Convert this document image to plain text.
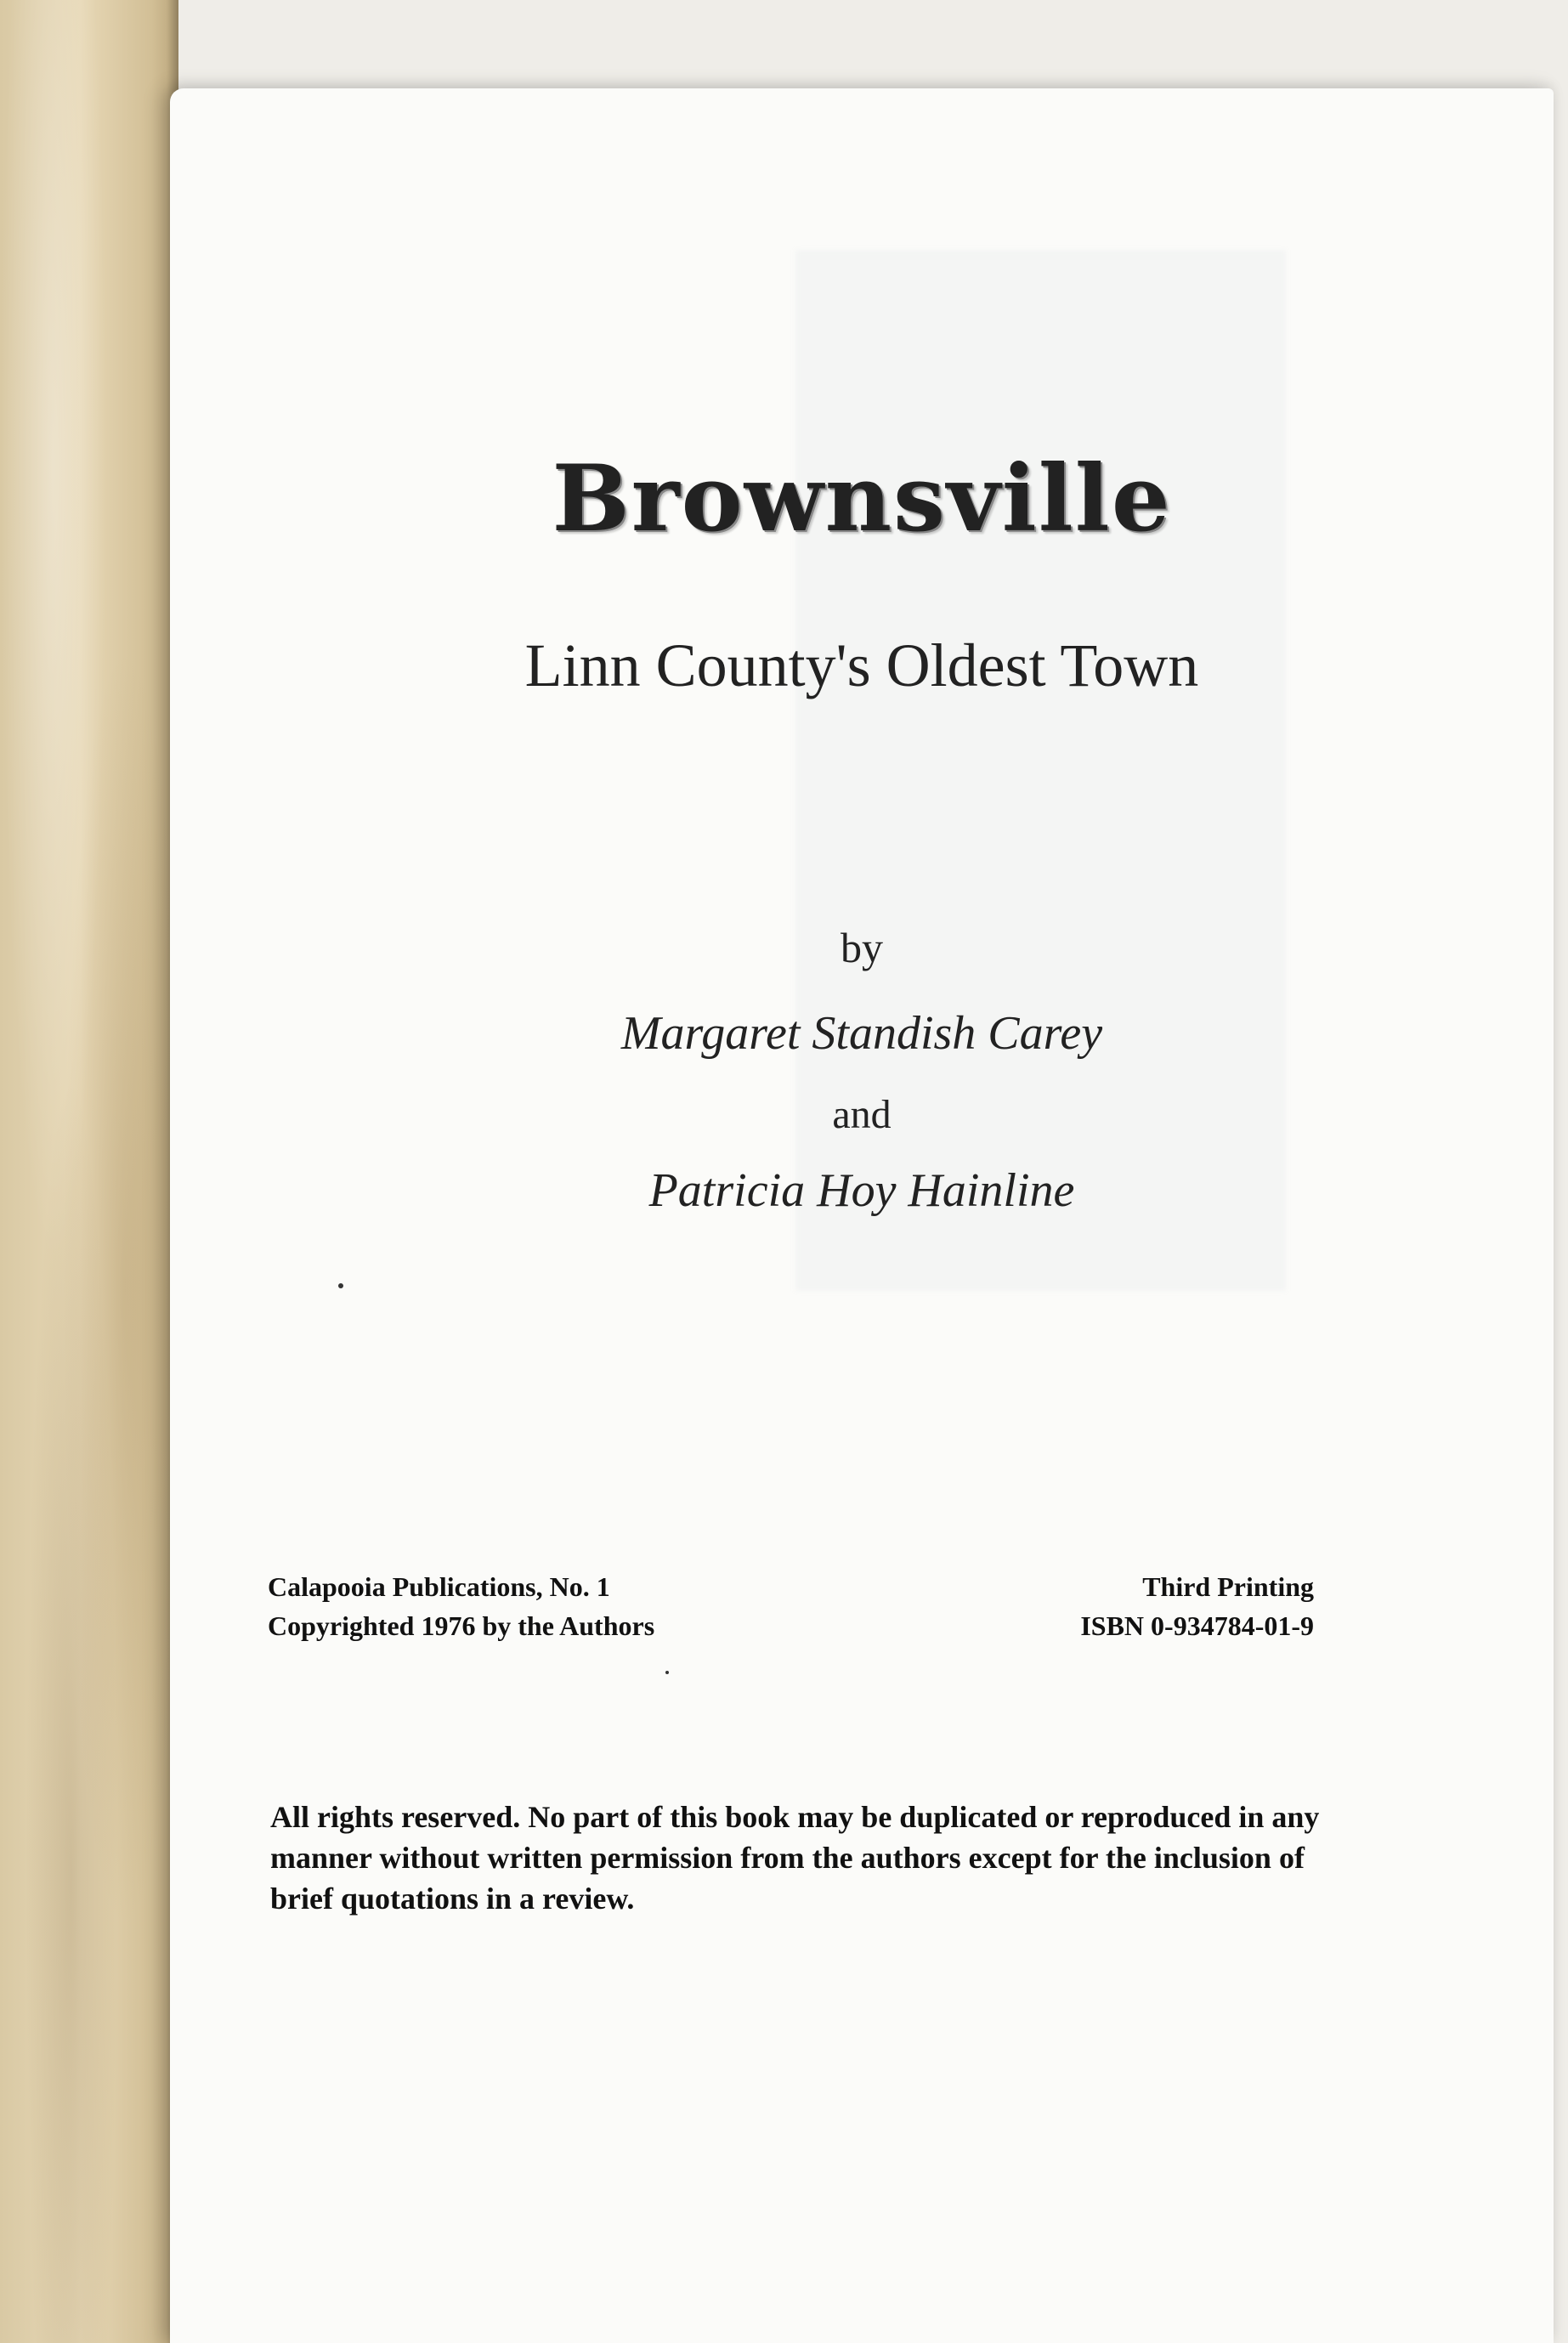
Brownsville
Linn County's Oldest Town
by
Margaret Standish Carey
and
Patricia Hoy Hainline
Calapooia Publications, No. 1
Copyrighted 1976 by the Authors
Third Printing
ISBN 0-934784-01-9
All rights reserved. No part of this book may be duplicated or reproduced in any manner without written permission from the authors except for the inclusion of brief quotations in a review.
